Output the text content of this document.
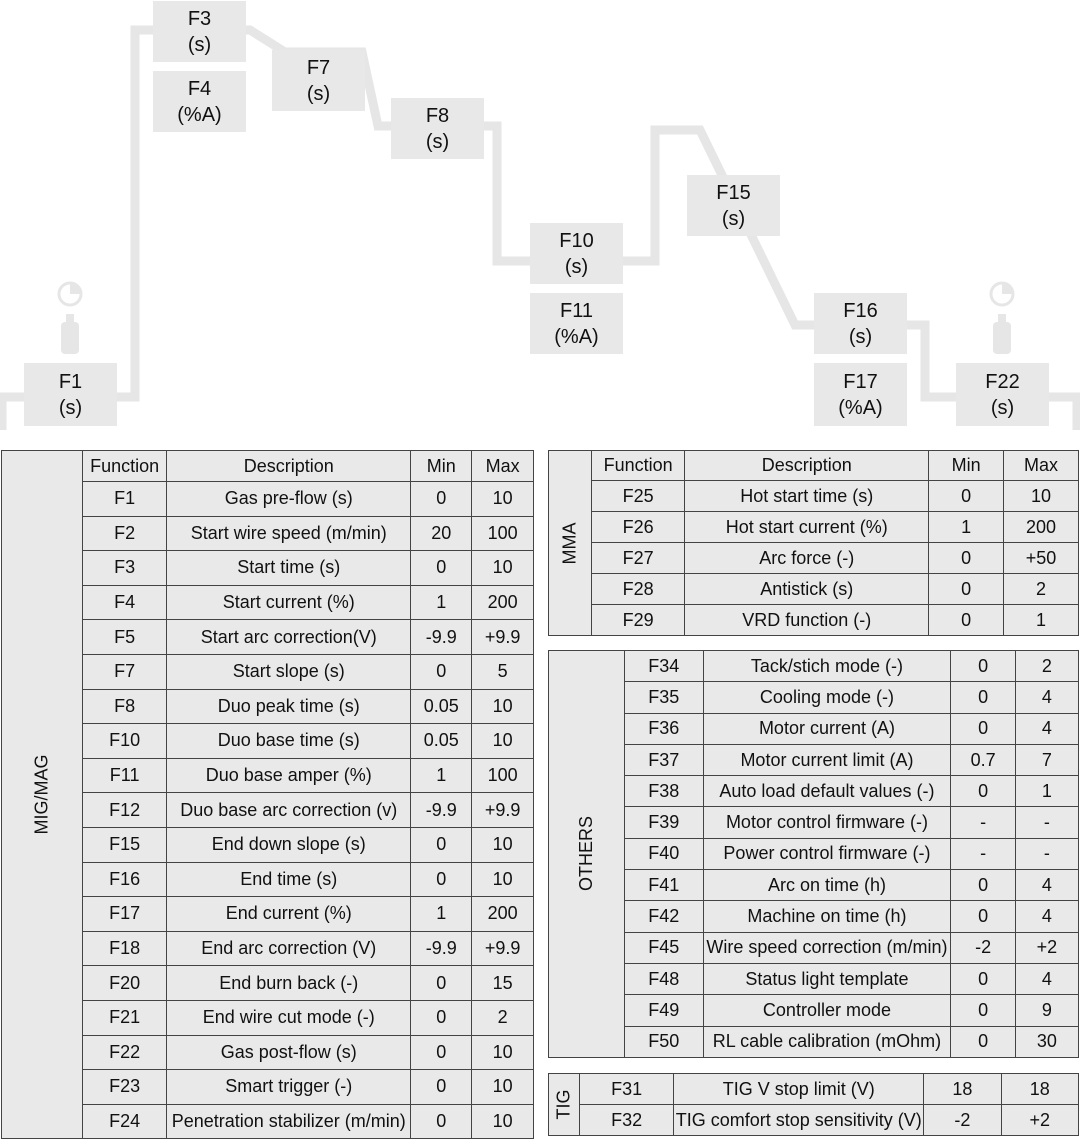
F1
(s)
F3
(s)
F4
(%A)
F7
(s)
F8
(s)
F10
(s)
F11
(%A)
F15
(s)
F16
(s)
F17
(%A)
F22
(s)
MIG/MAG	Function	Description	Min	Max
	F1	Gas pre-flow (s)	0	10
	F2	Start wire speed (m/min)	20	100
	F3	Start time (s)	0	10
	F4	Start current (%)	1	200
	F5	Start arc correction(V)	-9.9	+9.9
	F7	Start slope (s)	0	5
	F8	Duo peak time (s)	0.05	10
	F10	Duo base time (s)	0.05	10
	F11	Duo base amper (%)	1	100
	F12	Duo base arc correction (v)	-9.9	+9.9
	F15	End down slope (s)	0	10
	F16	End time (s)	0	10
	F17	End current (%)	1	200
	F18	End arc correction (V)	-9.9	+9.9
	F20	End burn back (-)	0	15
	F21	End wire cut mode (-)	0	2
	F22	Gas post-flow (s)	0	10
	F23	Smart trigger (-)	0	10
	F24	Penetration stabilizer (m/min)	0	10
MMA	Function	Description	Min	Max
	F25	Hot start time (s)	0	10
	F26	Hot start current (%)	1	200
	F27	Arc force (-)	0	+50
	F28	Antistick (s)	0	2
	F29	VRD function (-)	0	1
OTHERS	F34	Tack/stich mode (-)	0	2
	F35	Cooling mode (-)	0	4
	F36	Motor current (A)	0	4
	F37	Motor current limit (A)	0.7	7
	F38	Auto load default values (-)	0	1
	F39	Motor control firmware (-)	-	-
	F40	Power control firmware (-)	-	-
	F41	Arc on time (h)	0	4
	F42	Machine on time (h)	0	4
	F45	Wire speed correction (m/min)	-2	+2
	F48	Status light template	0	4
	F49	Controller mode	0	9
	F50	RL cable calibration (mOhm)	0	30
TIG	F31	TIG V stop limit (V)	18	18
	F32	TIG comfort stop sensitivity (V)	-2	+2
